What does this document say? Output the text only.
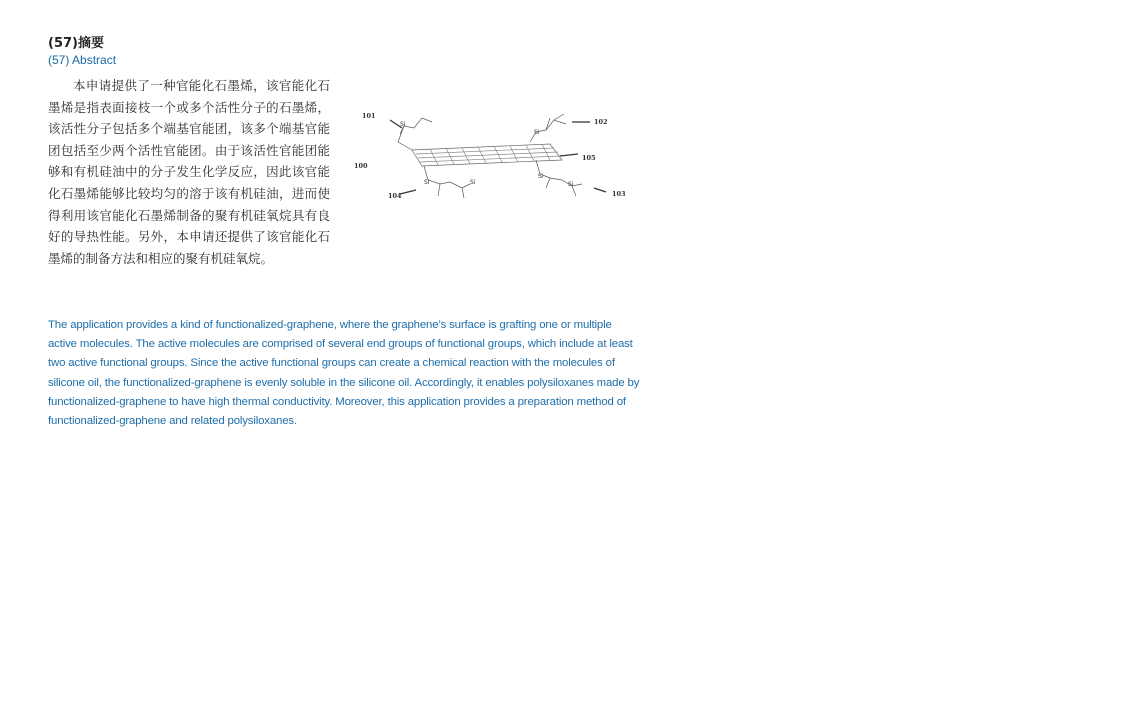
(57)摘要
(57) Abstract

本申请提供了一种官能化石墨烯，该官能化石墨烯是指表面接枝一个或多个活性分子的石墨烯，该活性分子包括多个端基官能团，该多个端基官能团包括至少两个活性官能团。由于该活性官能团能够和有机硅油中的分子发生化学反应，因此该官能化石墨烯能够比较均匀的溶于该有机硅油，进而使得利用该官能化石墨烯制备的聚有机硅氧烷具有良好的导热性能。另外，本申请还提供了该官能化石墨烯的制备方法和相应的聚有机硅氧烷。

Si
Si
Si
Si
Si	Si
101
102
100
105
104	103

The application provides a kind of functionalized-graphene, where the graphene’s surface is grafting one or multiple active molecules. The active molecules are comprised of several end groups of functional groups, which include at least two active functional groups. Since the active functional groups can create a chemical reaction with the molecules of silicone oil, the functionalized-graphene is evenly soluble in the silicone oil. Accordingly, it enables polysiloxanes made by functionalized-graphene to have high thermal conductivity. Moreover, this application provides a preparation method of functionalized-graphene and related polysiloxanes.
